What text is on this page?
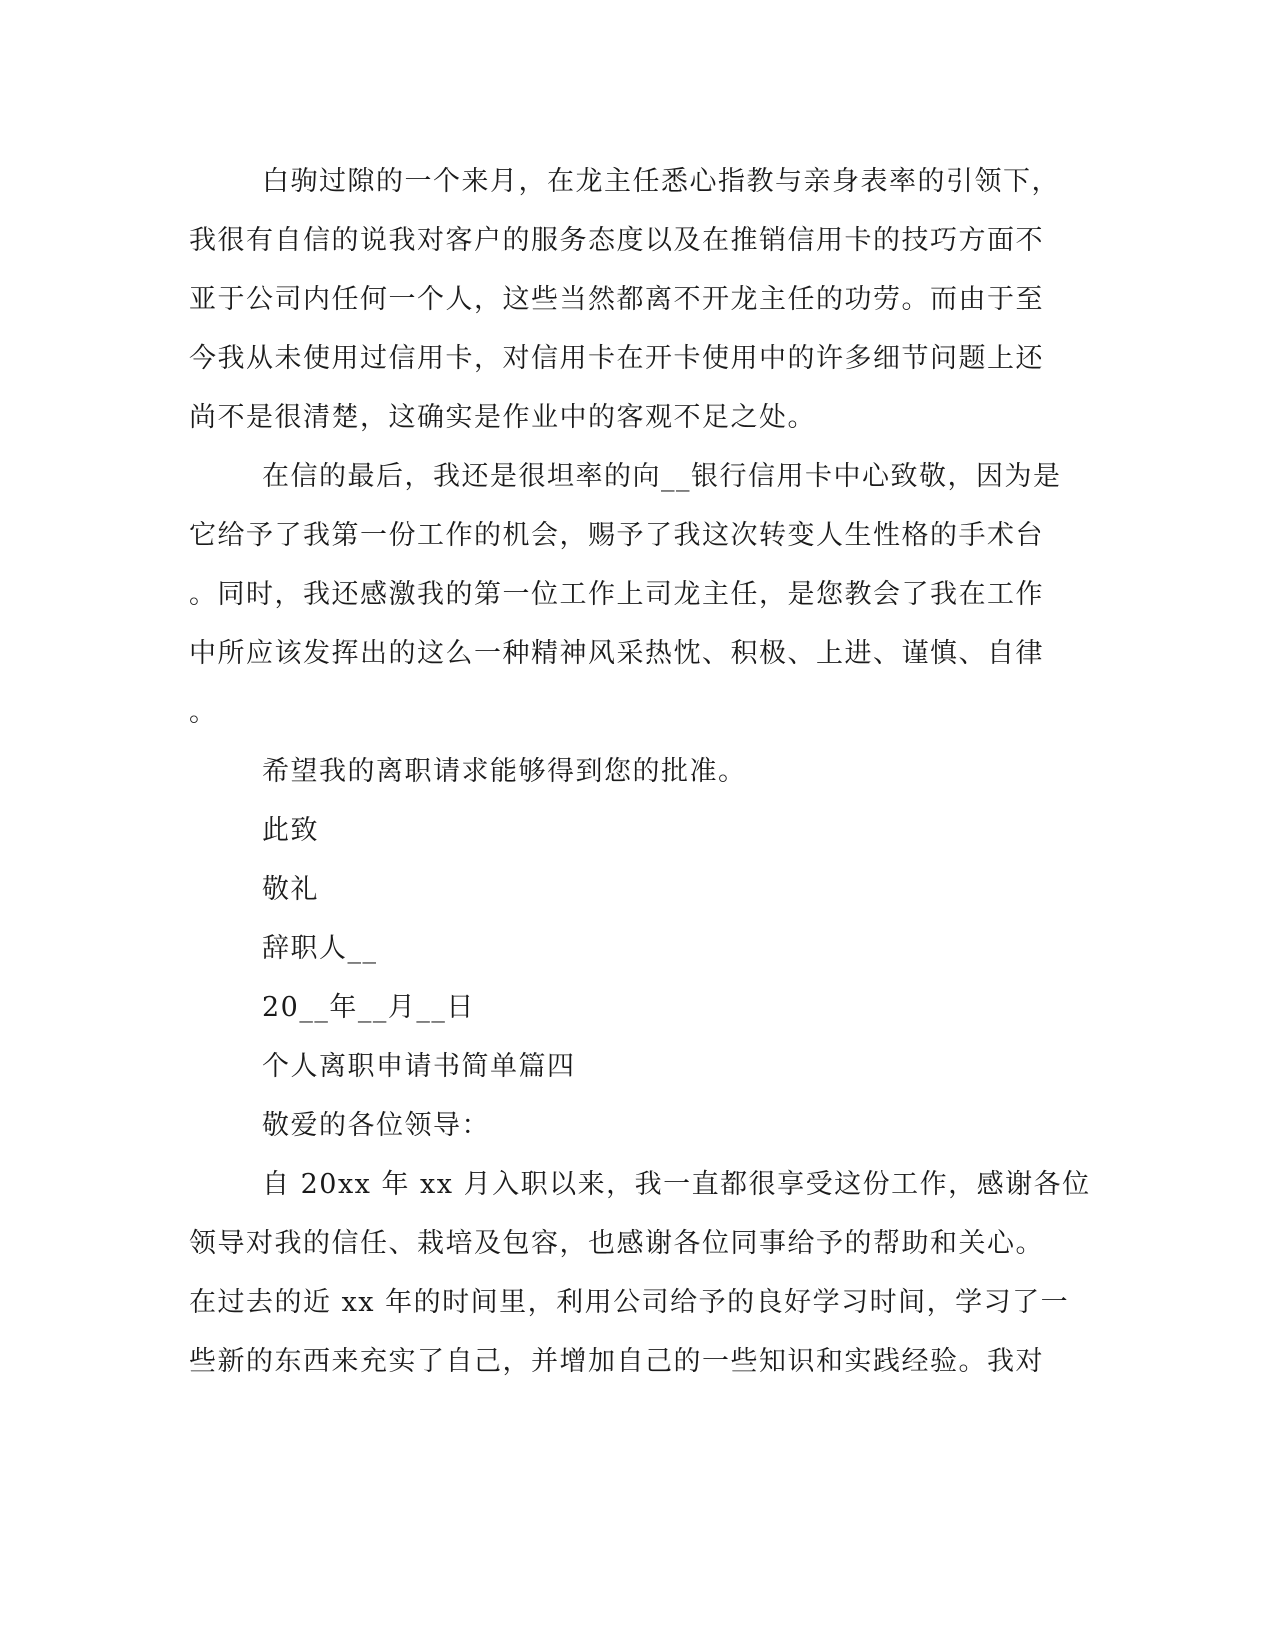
白驹过隙的一个来月，在龙主任悉心指教与亲身表率的引领下，
我很有自信的说我对客户的服务态度以及在推销信用卡的技巧方面不
亚于公司内任何一个人，这些当然都离不开龙主任的功劳。而由于至
今我从未使用过信用卡，对信用卡在开卡使用中的许多细节问题上还
尚不是很清楚，这确实是作业中的客观不足之处。
在信的最后，我还是很坦率的向__银行信用卡中心致敬，因为是
它给予了我第一份工作的机会，赐予了我这次转变人生性格的手术台
。同时，我还感激我的第一位工作上司龙主任，是您教会了我在工作
中所应该发挥出的这么一种精神风采热忱、积极、上进、谨慎、自律
。
希望我的离职请求能够得到您的批准。
此致
敬礼
辞职人__
20__年__月__日
个人离职申请书简单篇四
敬爱的各位领导：
自 20xx 年 xx 月入职以来，我一直都很享受这份工作，感谢各位
领导对我的信任、栽培及包容，也感谢各位同事给予的帮助和关心。
在过去的近 xx 年的时间里，利用公司给予的良好学习时间，学习了一
些新的东西来充实了自己，并增加自己的一些知识和实践经验。我对
